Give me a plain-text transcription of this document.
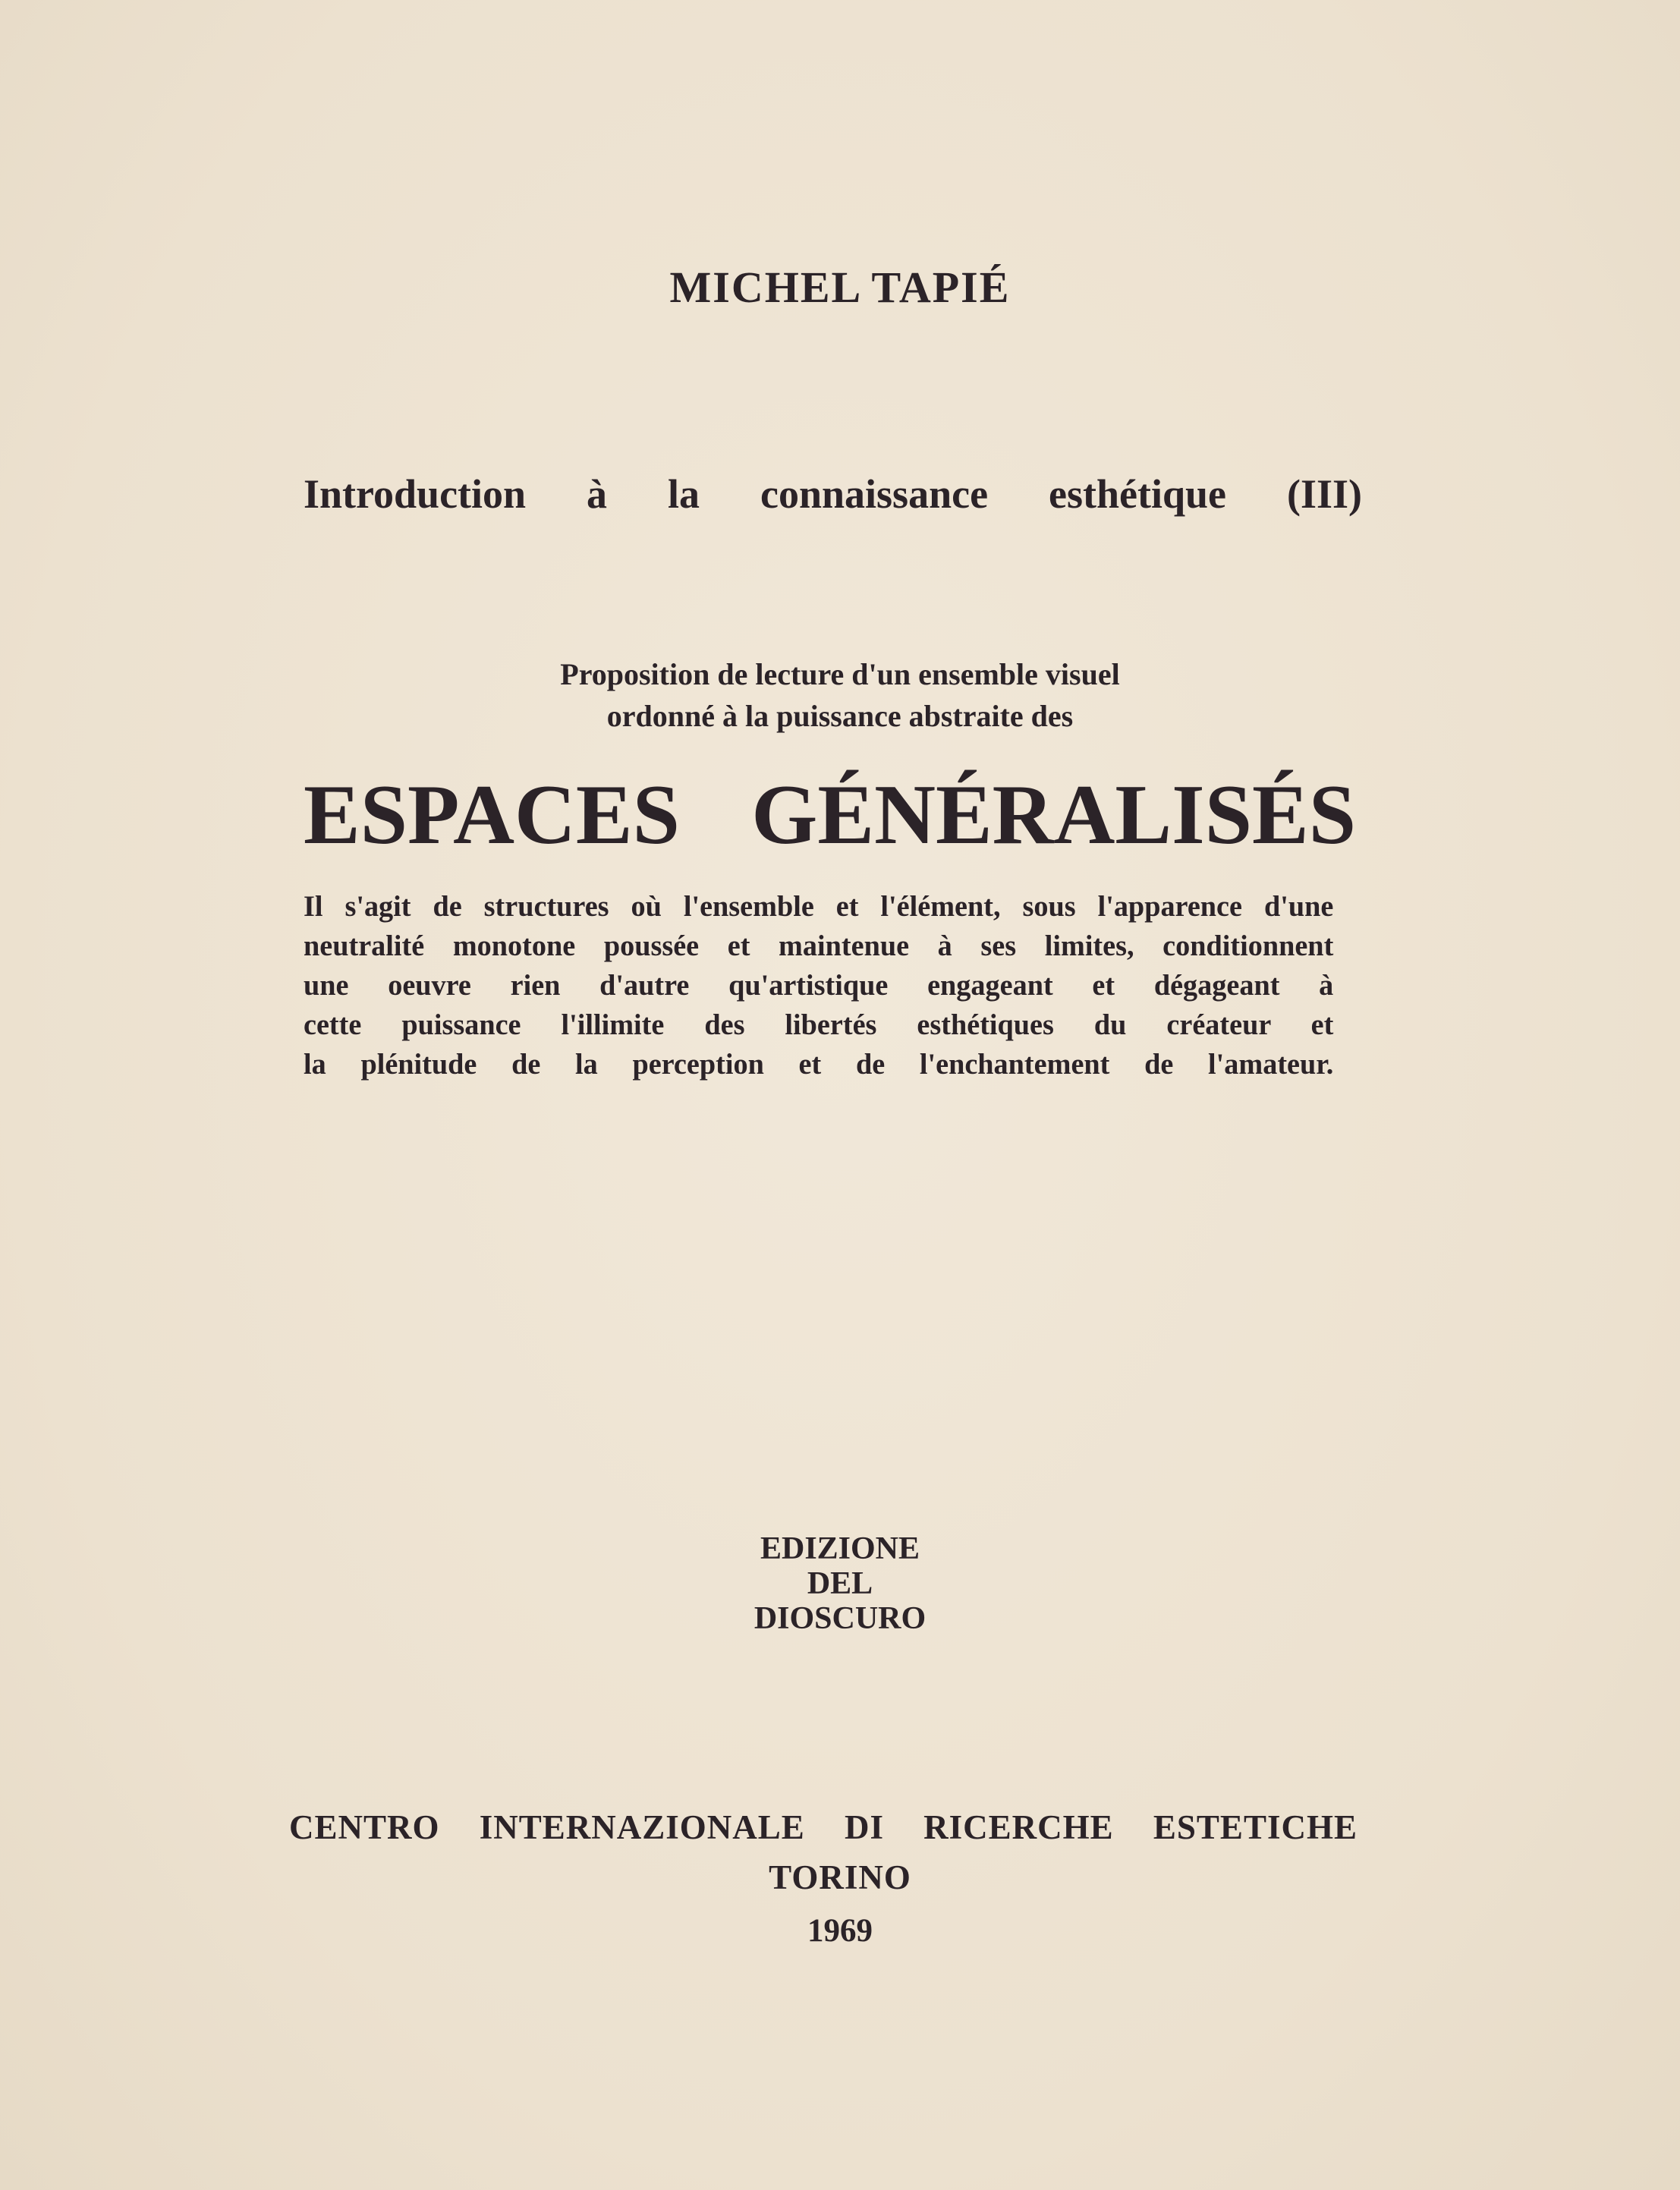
MICHEL TAPIÉ
Introduction à la connaissance esthétique (III)
Proposition de lecture d'un ensemble visuel
ordonné à la puissance abstraite des
ESPACES GÉNÉRALISÉS
Il s'agit de structures où l'ensemble et l'élément, sous l'apparence d'une
neutralité monotone poussée et maintenue à ses limites, conditionnent
une oeuvre rien d'autre qu'artistique engageant et dégageant à
cette puissance l'illimite des libertés esthétiques du créateur et
la plénitude de la perception et de l'enchantement de l'amateur.
EDIZIONE
DEL
DIOSCURO
CENTRO INTERNAZIONALE DI RICERCHE ESTETICHE
TORINO
1969
